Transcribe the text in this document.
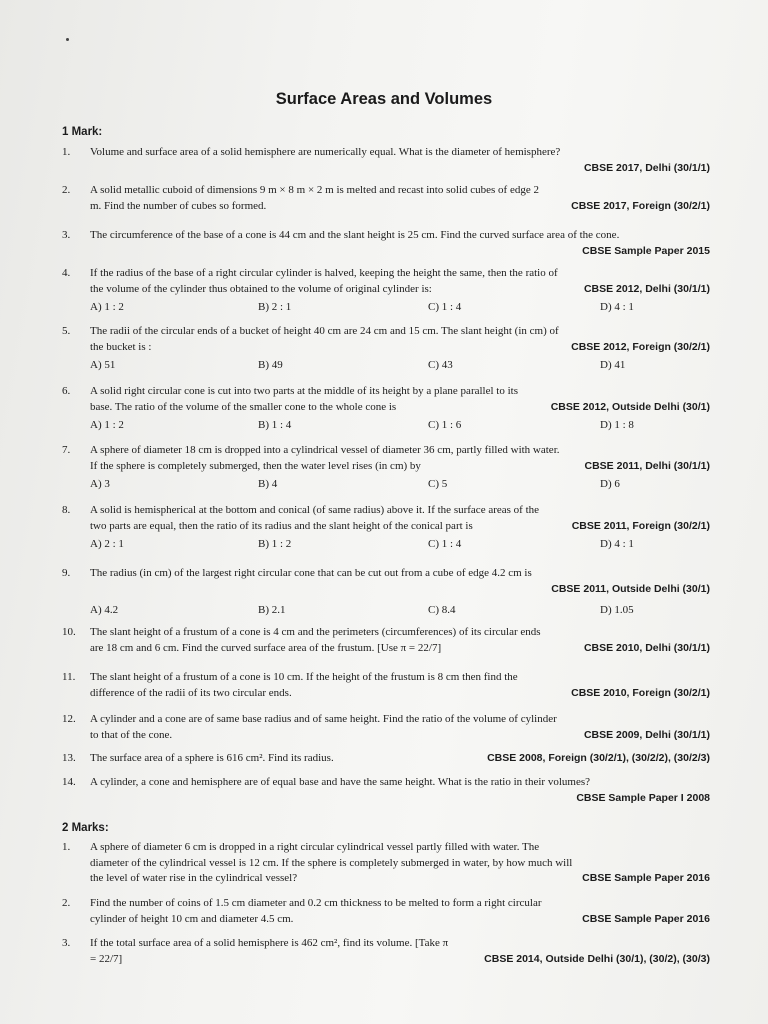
Surface Areas and Volumes
1 Mark:
1.	Volume and surface area of a solid hemisphere are numerically equal. What is the diameter of hemisphere?
CBSE 2017, Delhi (30/1/1)
2.	A solid metallic cuboid of dimensions 9 m × 8 m × 2 m is melted and recast into solid cubes of edge 2 m. Find the number of cubes so formed.	CBSE 2017, Foreign (30/2/1)
3.	The circumference of the base of a cone is 44 cm and the slant height is 25 cm. Find the curved surface area of the cone.
CBSE Sample Paper 2015
4.	If the radius of the base of a right circular cylinder is halved, keeping the height the same, then the ratio of the volume of the cylinder thus obtained to the volume of original cylinder is:	CBSE 2012, Delhi (30/1/1)
A) 1 : 2	B) 2 : 1	C) 1 : 4	D) 4 : 1
5.	The radii of the circular ends of a bucket of height 40 cm are 24 cm and 15 cm. The slant height (in cm) of the bucket is :	CBSE 2012, Foreign (30/2/1)
A) 51	B) 49	C) 43	D) 41
6.	A solid right circular cone is cut into two parts at the middle of its height by a plane parallel to its base. The ratio of the volume of the smaller cone to the whole cone is	CBSE 2012, Outside Delhi (30/1)
A) 1 : 2	B) 1 : 4	C) 1 : 6	D) 1 : 8
7.	A sphere of diameter 18 cm is dropped into a cylindrical vessel of diameter 36 cm, partly filled with water. If the sphere is completely submerged, then the water level rises (in cm) by	CBSE 2011, Delhi (30/1/1)
A) 3	B) 4	C) 5	D) 6
8.	A solid is hemispherical at the bottom and conical (of same radius) above it. If the surface areas of the two parts are equal, then the ratio of its radius and the slant height of the conical part is	CBSE 2011, Foreign (30/2/1)
A) 2 : 1	B) 1 : 2	C) 1 : 4	D) 4 : 1
9.	The radius (in cm) of the largest right circular cone that can be cut out from a cube of edge 4.2 cm is
CBSE 2011, Outside Delhi (30/1)
A) 4.2	B) 2.1	C) 8.4	D) 1.05
10.	The slant height of a frustum of a cone is 4 cm and the perimeters (circumferences) of its circular ends are 18 cm and 6 cm. Find the curved surface area of the frustum. [Use π = 22/7]	CBSE 2010, Delhi (30/1/1)
11.	The slant height of a frustum of a cone is 10 cm. If the height of the frustum is 8 cm then find the difference of the radii of its two circular ends.	CBSE 2010, Foreign (30/2/1)
12.	A cylinder and a cone are of same base radius and of same height. Find the ratio of the volume of cylinder to that of the cone.	CBSE 2009, Delhi (30/1/1)
13.	The surface area of a sphere is 616 cm². Find its radius.	CBSE 2008, Foreign (30/2/1), (30/2/2), (30/2/3)
14.	A cylinder, a cone and hemisphere are of equal base and have the same height. What is the ratio in their volumes?
CBSE Sample Paper I 2008
2 Marks:
1.	A sphere of diameter 6 cm is dropped in a right circular cylindrical vessel partly filled with water. The diameter of the cylindrical vessel is 12 cm. If the sphere is completely submerged in water, by how much will the level of water rise in the cylindrical vessel?	CBSE Sample Paper 2016
2.	Find the number of coins of 1.5 cm diameter and 0.2 cm thickness to be melted to form a right circular cylinder of height 10 cm and diameter 4.5 cm.	CBSE Sample Paper 2016
3.	If the total surface area of a solid hemisphere is 462 cm², find its volume. [Take π = 22/7]	CBSE 2014, Outside Delhi (30/1), (30/2), (30/3)
